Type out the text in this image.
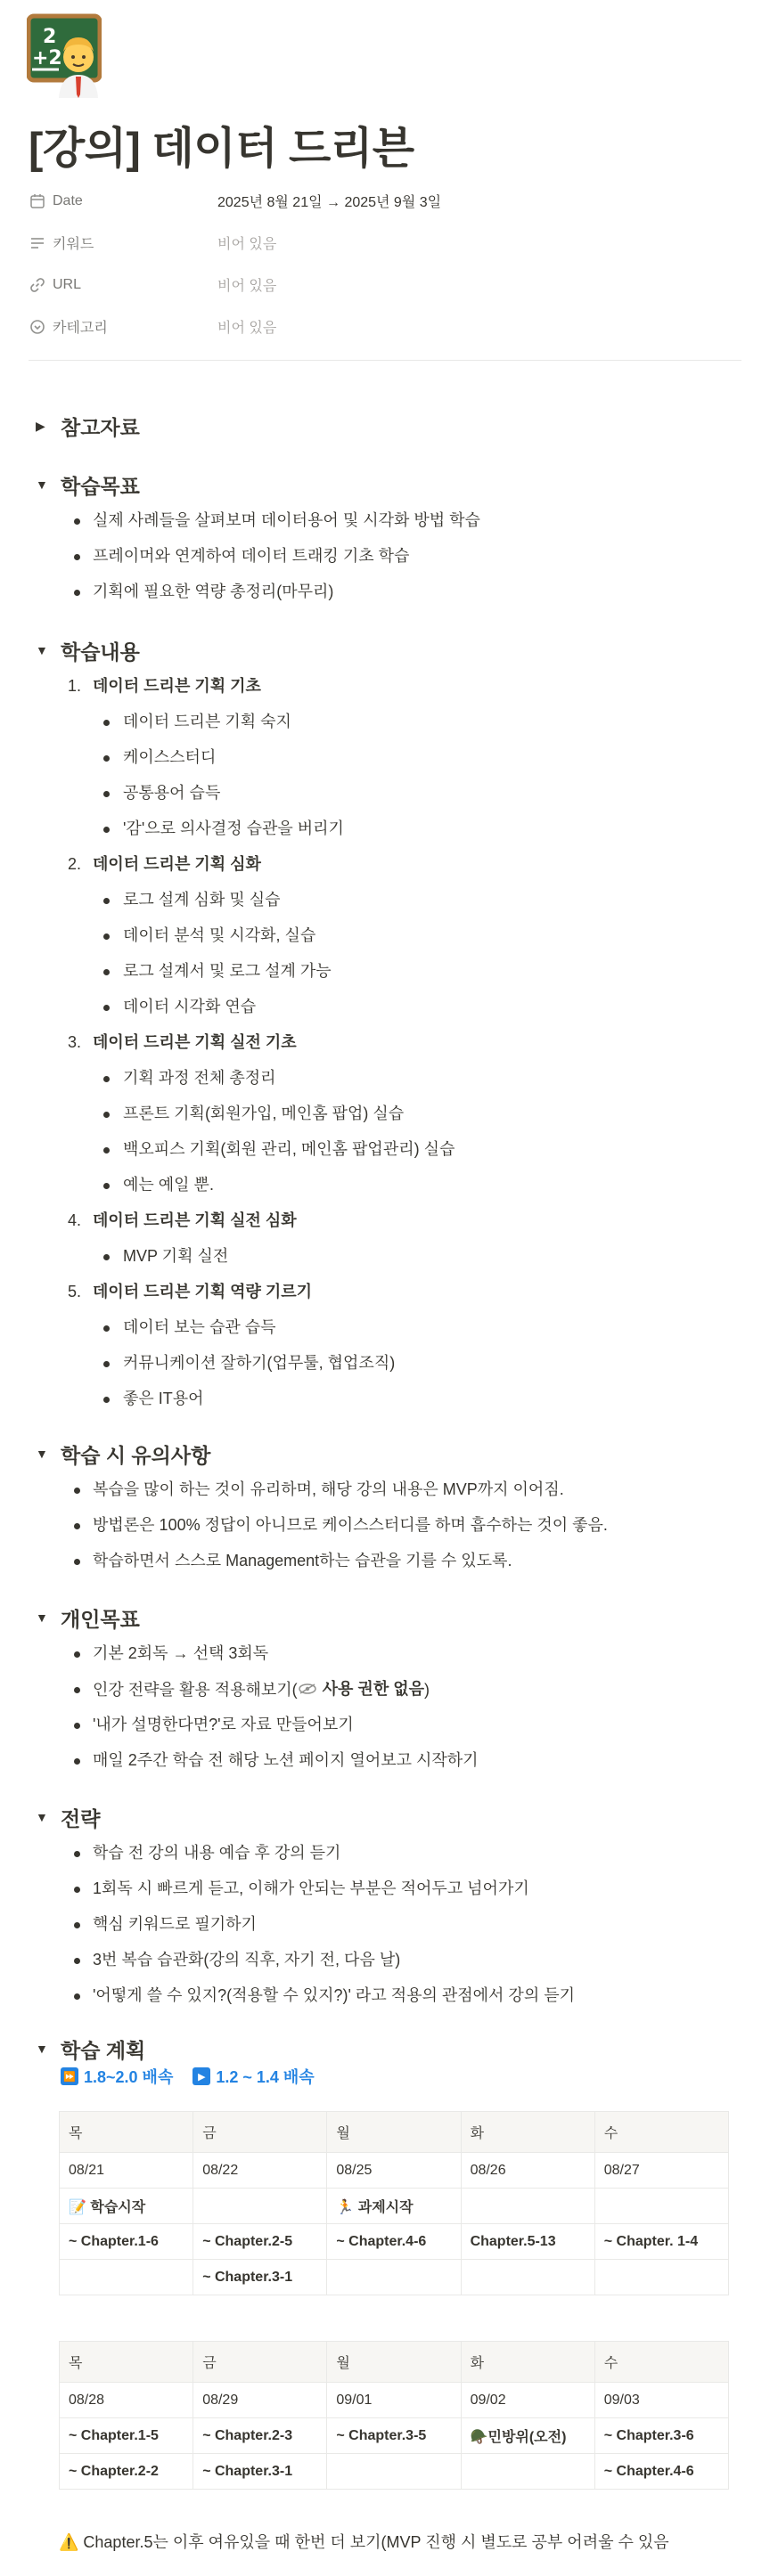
2
+2
[강의] 데이터 드리븐
Date	2025년 8월 21일 → 2025년 9월 3일
키워드	비어 있음
URL	비어 있음
카테고리	비어 있음
▶ 참고자료
▼ 학습목표
실제 사례들을 살펴보며 데이터용어 및 시각화 방법 학습
프레이머와 연계하여 데이터 트래킹 기초 학습
기획에 필요한 역량 총정리(마무리)
▼ 학습내용
1. 데이터 드리븐 기획 기초
데이터 드리븐 기획 숙지
케이스스터디
공통용어 습득
'감'으로 의사결정 습관을 버리기
2. 데이터 드리븐 기획 심화
로그 설계 심화 및 실습
데이터 분석 및 시각화, 실습
로그 설계서 및 로그 설계 가능
데이터 시각화 연습
3. 데이터 드리븐 기획 실전 기초
기획 과정 전체 총정리
프론트 기획(회원가입, 메인홈 팝업) 실습
백오피스 기획(회원 관리, 메인홈 팝업관리) 실습
예는 예일 뿐.
4. 데이터 드리븐 기획 실전 심화
MVP 기획 실전
5. 데이터 드리븐 기획 역량 기르기
데이터 보는 습관 습득
커뮤니케이션 잘하기(업무툴, 협업조직)
좋은 IT용어
▼ 학습 시 유의사항
복습을 많이 하는 것이 유리하며, 해당 강의 내용은 MVP까지 이어짐.
방법론은 100% 정답이 아니므로 케이스스터디를 하며 흡수하는 것이 좋음.
학습하면서 스스로 Management하는 습관을 기를 수 있도록.
▼ 개인목표
기본 2회독 → 선택 3회독
인강 전략을 활용 적용해보기( 사용 권한 없음 )
'내가 설명한다면?'로 자료 만들어보기
매일 2주간 학습 전 해당 노션 페이지 열어보고 시작하기
▼ 전략
학습 전 강의 내용 예습 후 강의 듣기
1회독 시 빠르게 듣고, 이해가 안되는 부분은 적어두고 넘어가기
핵심 키워드로 필기하기
3번 복습 습관화(강의 직후, 자기 전, 다음 날)
'어떻게 쓸 수 있지?(적용할 수 있지?)' 라고 적용의 관점에서 강의 듣기
▼ 학습 계획
⏩ 1.8~2.0 배속	▶ 1.2 ~ 1.4 배속
목	금	월	화	수
08/21	08/22	08/25	08/26	08/27
📝 학습시작		🏃 과제시작		
~ Chapter.1-6	~ Chapter.2-5	~ Chapter.4-6	Chapter.5-13	~ Chapter. 1-4
	~ Chapter.3-1			
목	금	월	화	수
08/28	08/29	09/01	09/02	09/03
~ Chapter.1-5	~ Chapter.2-3	~ Chapter.3-5	🪖민방위(오전)	~ Chapter.3-6
~ Chapter.2-2	~ Chapter.3-1			~ Chapter.4-6
⚠️ Chapter.5는 이후 여유있을 때 한번 더 보기(MVP 진행 시 별도로 공부 어려울 수 있음
